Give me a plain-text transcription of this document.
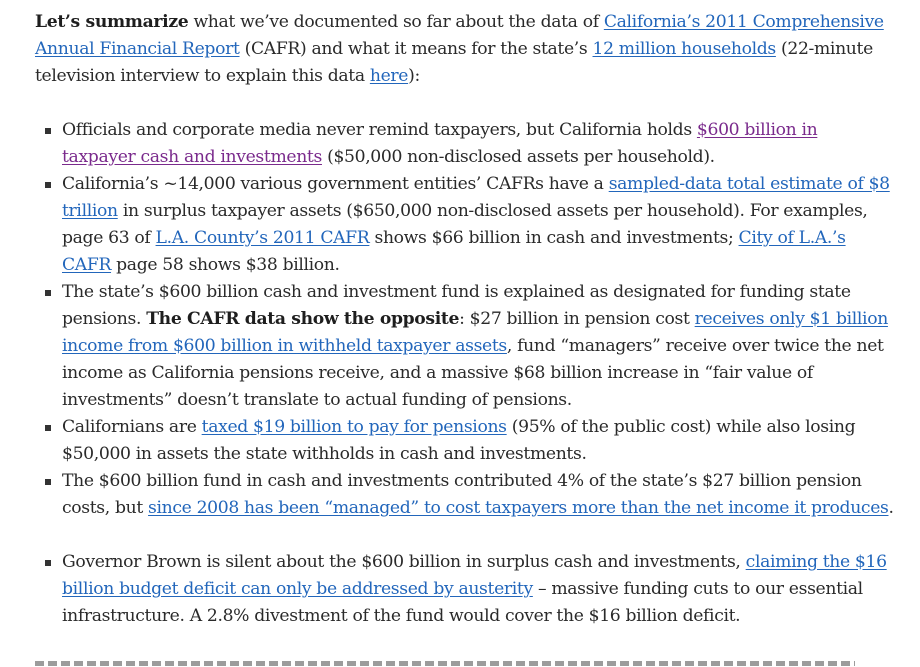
Let’s summarize what we’ve documented so far about the data of California’s 2011 Comprehensive Annual Financial Report (CAFR) and what it means for the state’s 12 million households (22-minute television interview to explain this data here):

Officials and corporate media never remind taxpayers, but California holds $600 billion in taxpayer cash and investments ($50,000 non-disclosed assets per household).
California’s ~14,000 various government entities’ CAFRs have a sampled-data total estimate of $8 trillion in surplus taxpayer assets ($650,000 non-disclosed assets per household). For examples, page 63 of L.A. County’s 2011 CAFR shows $66 billion in cash and investments; City of L.A.’s CAFR page 58 shows $38 billion.
The state’s $600 billion cash and investment fund is explained as designated for funding state pensions. The CAFR data show the opposite: $27 billion in pension cost receives only $1 billion income from $600 billion in withheld taxpayer assets, fund “managers” receive over twice the net income as California pensions receive, and a massive $68 billion increase in “fair value of investments” doesn’t translate to actual funding of pensions.
Californians are taxed $19 billion to pay for pensions (95% of the public cost) while also losing $50,000 in assets the state withholds in cash and investments.
The $600 billion fund in cash and investments contributed 4% of the state’s $27 billion pension costs, but since 2008 has been “managed” to cost taxpayers more than the net income it produces.
Governor Brown is silent about the $600 billion in surplus cash and investments, claiming the $16 billion budget deficit can only be addressed by austerity – massive funding cuts to our essential infrastructure. A 2.8% divestment of the fund would cover the $16 billion deficit.
